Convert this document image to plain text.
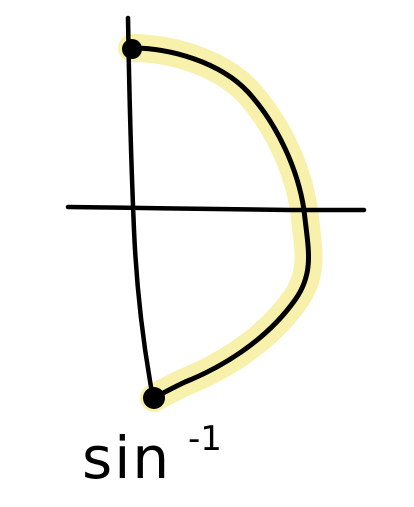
sin -1
